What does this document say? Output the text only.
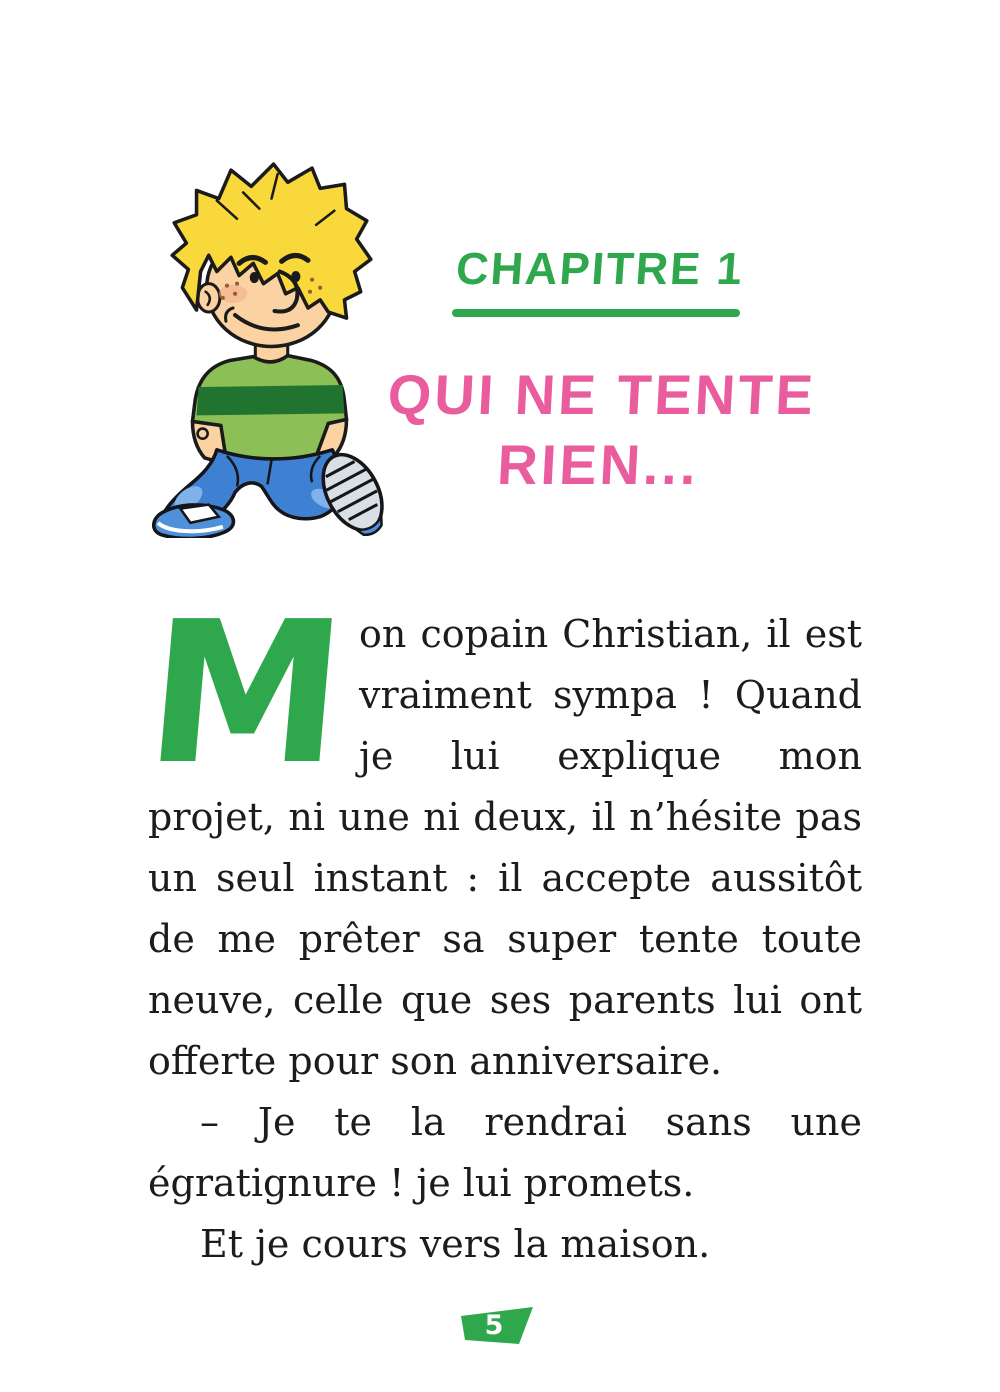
CHAPITRE 1
QUI NE TENTE
RIEN...

Mon copain Christian, il est vraiment sympa ! Quand je lui explique mon projet, ni une ni deux, il n’hésite pas un seul instant : il accepte aussitôt de me prêter sa super tente toute neuve, celle que ses parents lui ont offerte pour son anniversaire.

– Je te la rendrai sans une égratignure ! je lui promets.

Et je cours vers la maison.

5
